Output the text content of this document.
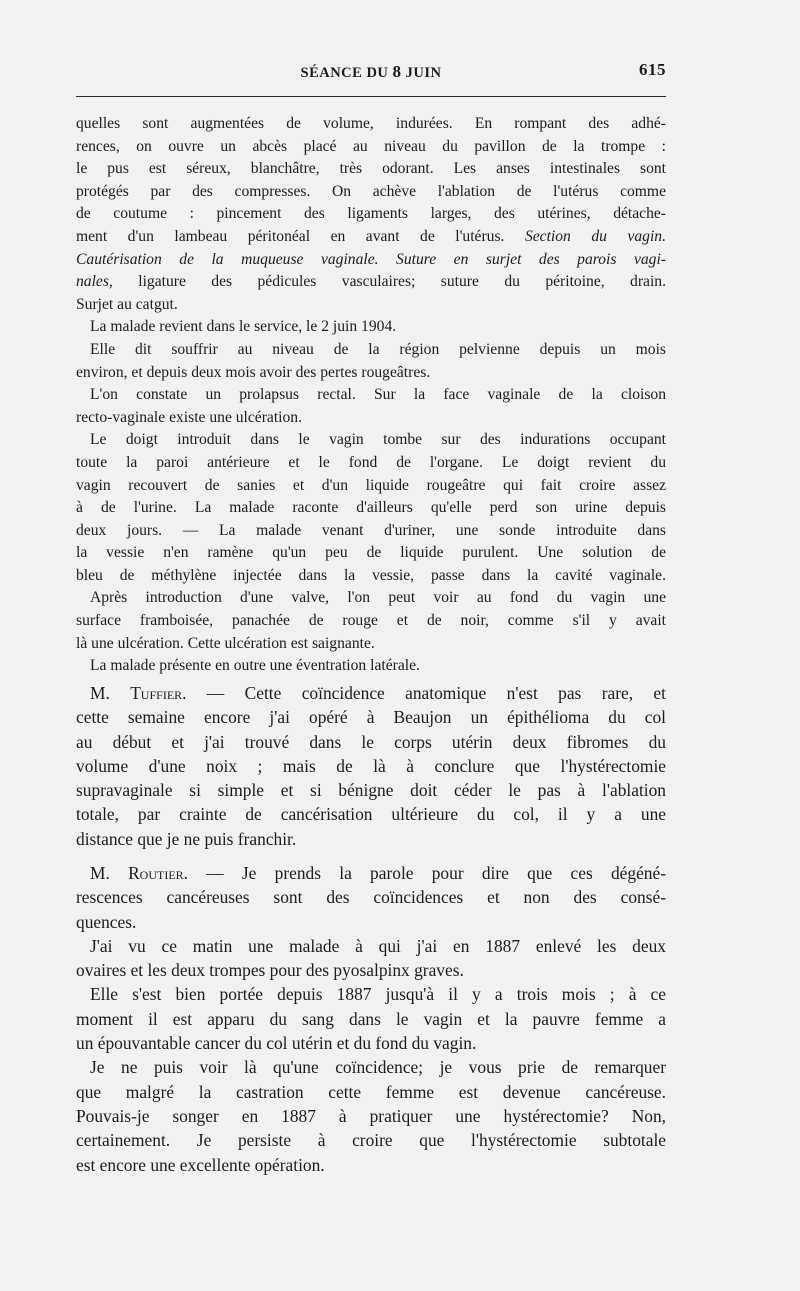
SÉANCE DU 8 JUIN	615
quelles sont augmentées de volume, indurées. En rompant des adhé-
rences, on ouvre un abcès placé au niveau du pavillon de la trompe :
le pus est séreux, blanchâtre, très odorant. Les anses intestinales sont
protégés par des compresses. On achève l'ablation de l'utérus comme
de coutume : pincement des ligaments larges, des utérines, détache-
ment d'un lambeau péritonéal en avant de l'utérus. Section du vagin.
Cautérisation de la muqueuse vaginale. Suture en surjet des parois vagi-
nales, ligature des pédicules vasculaires; suture du péritoine, drain.
Surjet au catgut.
La malade revient dans le service, le 2 juin 1904.
Elle dit souffrir au niveau de la région pelvienne depuis un mois
environ, et depuis deux mois avoir des pertes rougeâtres.
L'on constate un prolapsus rectal. Sur la face vaginale de la cloison
recto-vaginale existe une ulcération.
Le doigt introduit dans le vagin tombe sur des indurations occupant
toute la paroi antérieure et le fond de l'organe. Le doigt revient du
vagin recouvert de sanies et d'un liquide rougeâtre qui fait croire assez
à de l'urine. La malade raconte d'ailleurs qu'elle perd son urine depuis
deux jours. — La malade venant d'uriner, une sonde introduite dans
la vessie n'en ramène qu'un peu de liquide purulent. Une solution de
bleu de méthylène injectée dans la vessie, passe dans la cavité vaginale.
Après introduction d'une valve, l'on peut voir au fond du vagin une
surface framboisée, panachée de rouge et de noir, comme s'il y avait
là une ulcération. Cette ulcération est saignante.
La malade présente en outre une éventration latérale.
M. Tuffier. — Cette coïncidence anatomique n'est pas rare, et
cette semaine encore j'ai opéré à Beaujon un épithélioma du col
au début et j'ai trouvé dans le corps utérin deux fibromes du
volume d'une noix ; mais de là à conclure que l'hystérectomie
supravaginale si simple et si bénigne doit céder le pas à l'ablation
totale, par crainte de cancérisation ultérieure du col, il y a une
distance que je ne puis franchir.
M. Routier. — Je prends la parole pour dire que ces dégéné-
rescences cancéreuses sont des coïncidences et non des consé-
quences.
J'ai vu ce matin une malade à qui j'ai en 1887 enlevé les deux
ovaires et les deux trompes pour des pyosalpinx graves.
Elle s'est bien portée depuis 1887 jusqu'à il y a trois mois ; à ce
moment il est apparu du sang dans le vagin et la pauvre femme a
un épouvantable cancer du col utérin et du fond du vagin.
Je ne puis voir là qu'une coïncidence; je vous prie de remarquer
que malgré la castration cette femme est devenue cancéreuse.
Pouvais-je songer en 1887 à pratiquer une hystérectomie? Non,
certainement. Je persiste à croire que l'hystérectomie subtotale
est encore une excellente opération.
